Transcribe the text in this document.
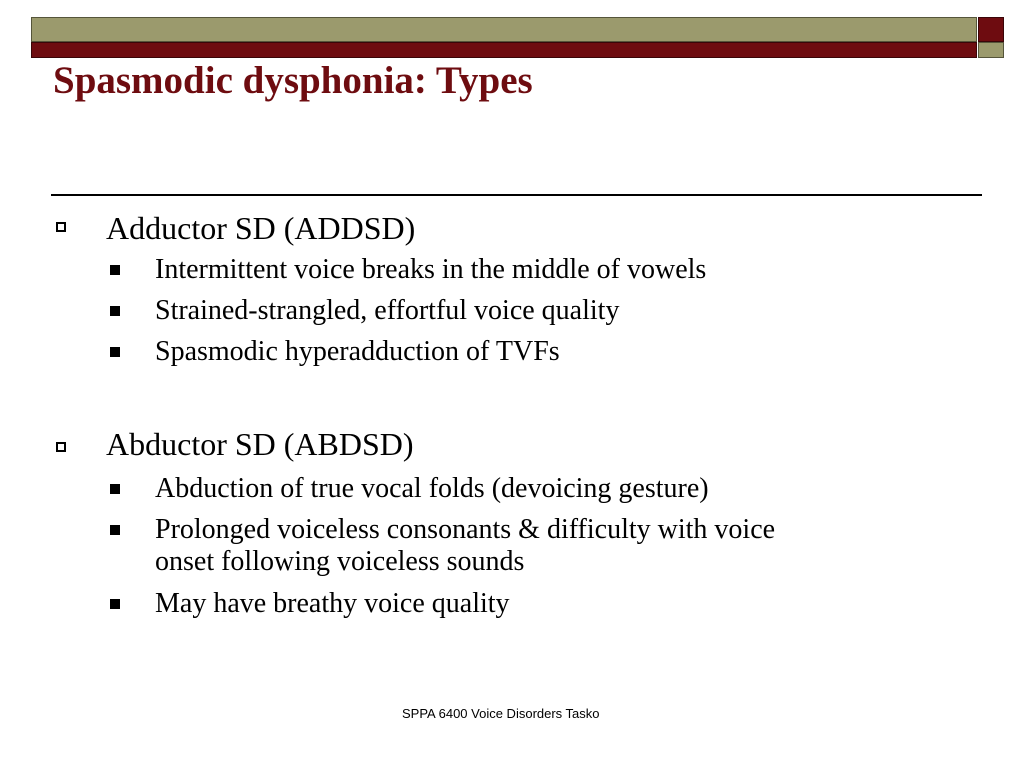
Spasmodic dysphonia: Types
Adductor SD (ADDSD)
Intermittent voice breaks in the middle of vowels
Strained-strangled, effortful voice quality
Spasmodic hyperadduction of TVFs
Abductor SD (ABDSD)
Abduction of true vocal folds (devoicing gesture)
Prolonged voiceless consonants & difficulty with voice
onset following voiceless sounds
May have breathy voice quality
SPPA 6400 Voice Disorders Tasko
